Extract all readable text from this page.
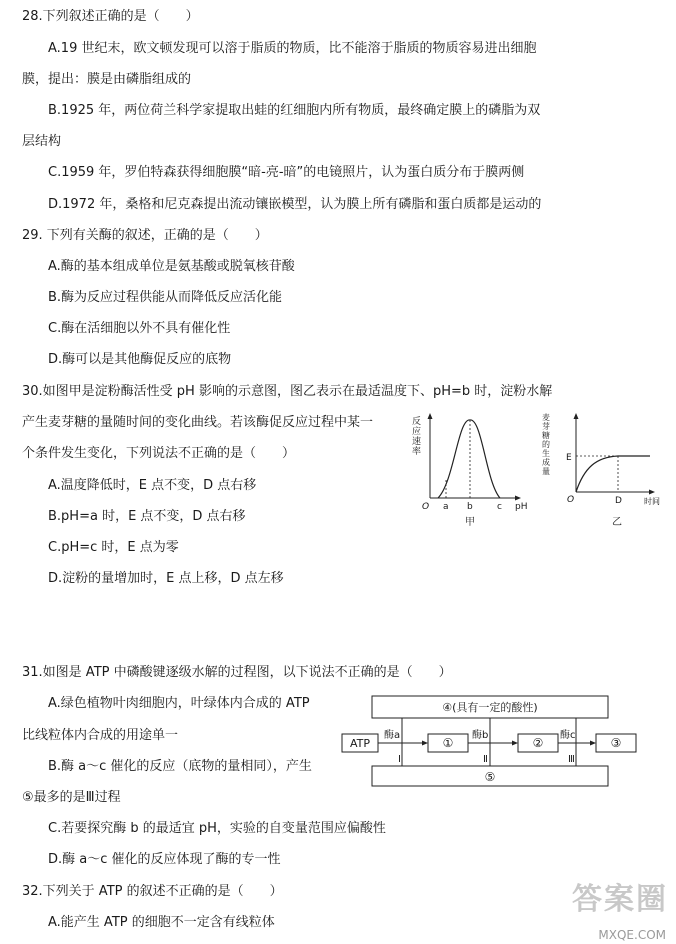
28.下列叙述正确的是（　　）
A.19 世纪末，欧文顿发现可以溶于脂质的物质，比不能溶于脂质的物质容易进出细胞
膜，提出：膜是由磷脂组成的
B.1925 年，两位荷兰科学家提取出蛙的红细胞内所有物质，最终确定膜上的磷脂为双
层结构
C.1959 年，罗伯特森获得细胞膜“暗-亮-暗”的电镜照片，认为蛋白质分布于膜两侧
D.1972 年，桑格和尼克森提出流动镶嵌模型，认为膜上所有磷脂和蛋白质都是运动的
29. 下列有关酶的叙述，正确的是（　　）
A.酶的基本组成单位是氨基酸或脱氧核苷酸
B.酶为反应过程供能从而降低反应活化能
C.酶在活细胞以外不具有催化性
D.酶可以是其他酶促反应的底物
30.如图甲是淀粉酶活性受 pH 影响的示意图，图乙表示在最适温度下、pH=b 时，淀粉水解
产生麦芽糖的量随时间的变化曲线。若该酶促反应过程中某一
个条件发生变化，下列说法不正确的是（　　）
A.温度降低时，E 点不变，D 点右移
B.pH=a 时，E 点不变，D 点右移
C.pH=c 时，E 点为零
D.淀粉的量增加时，E 点上移，D 点左移
反
应
速
率
O a b	c pH
甲
麦
芽
糖
的
生
成
量
E
O	D	时间
乙
31.如图是 ATP 中磷酸键逐级水解的过程图，以下说法不正确的是（　　）
A.绿色植物叶肉细胞内，叶绿体内合成的 ATP
比线粒体内合成的用途单一
B.酶 a～c 催化的反应（底物的量相同），产生
⑤最多的是Ⅲ过程
C.若要探究酶 b 的最适宜 pH，实验的自变量范围应偏酸性
D.酶 a～c 催化的反应体现了酶的专一性
④(具有一定的酸性)
ATP	①	②	③
⑤
酶a	酶b	酶c
Ⅰ	Ⅱ	Ⅲ
32.下列关于 ATP 的叙述不正确的是（　　）
A.能产生 ATP 的细胞不一定含有线粒体
答案圈
MXQE.COM
